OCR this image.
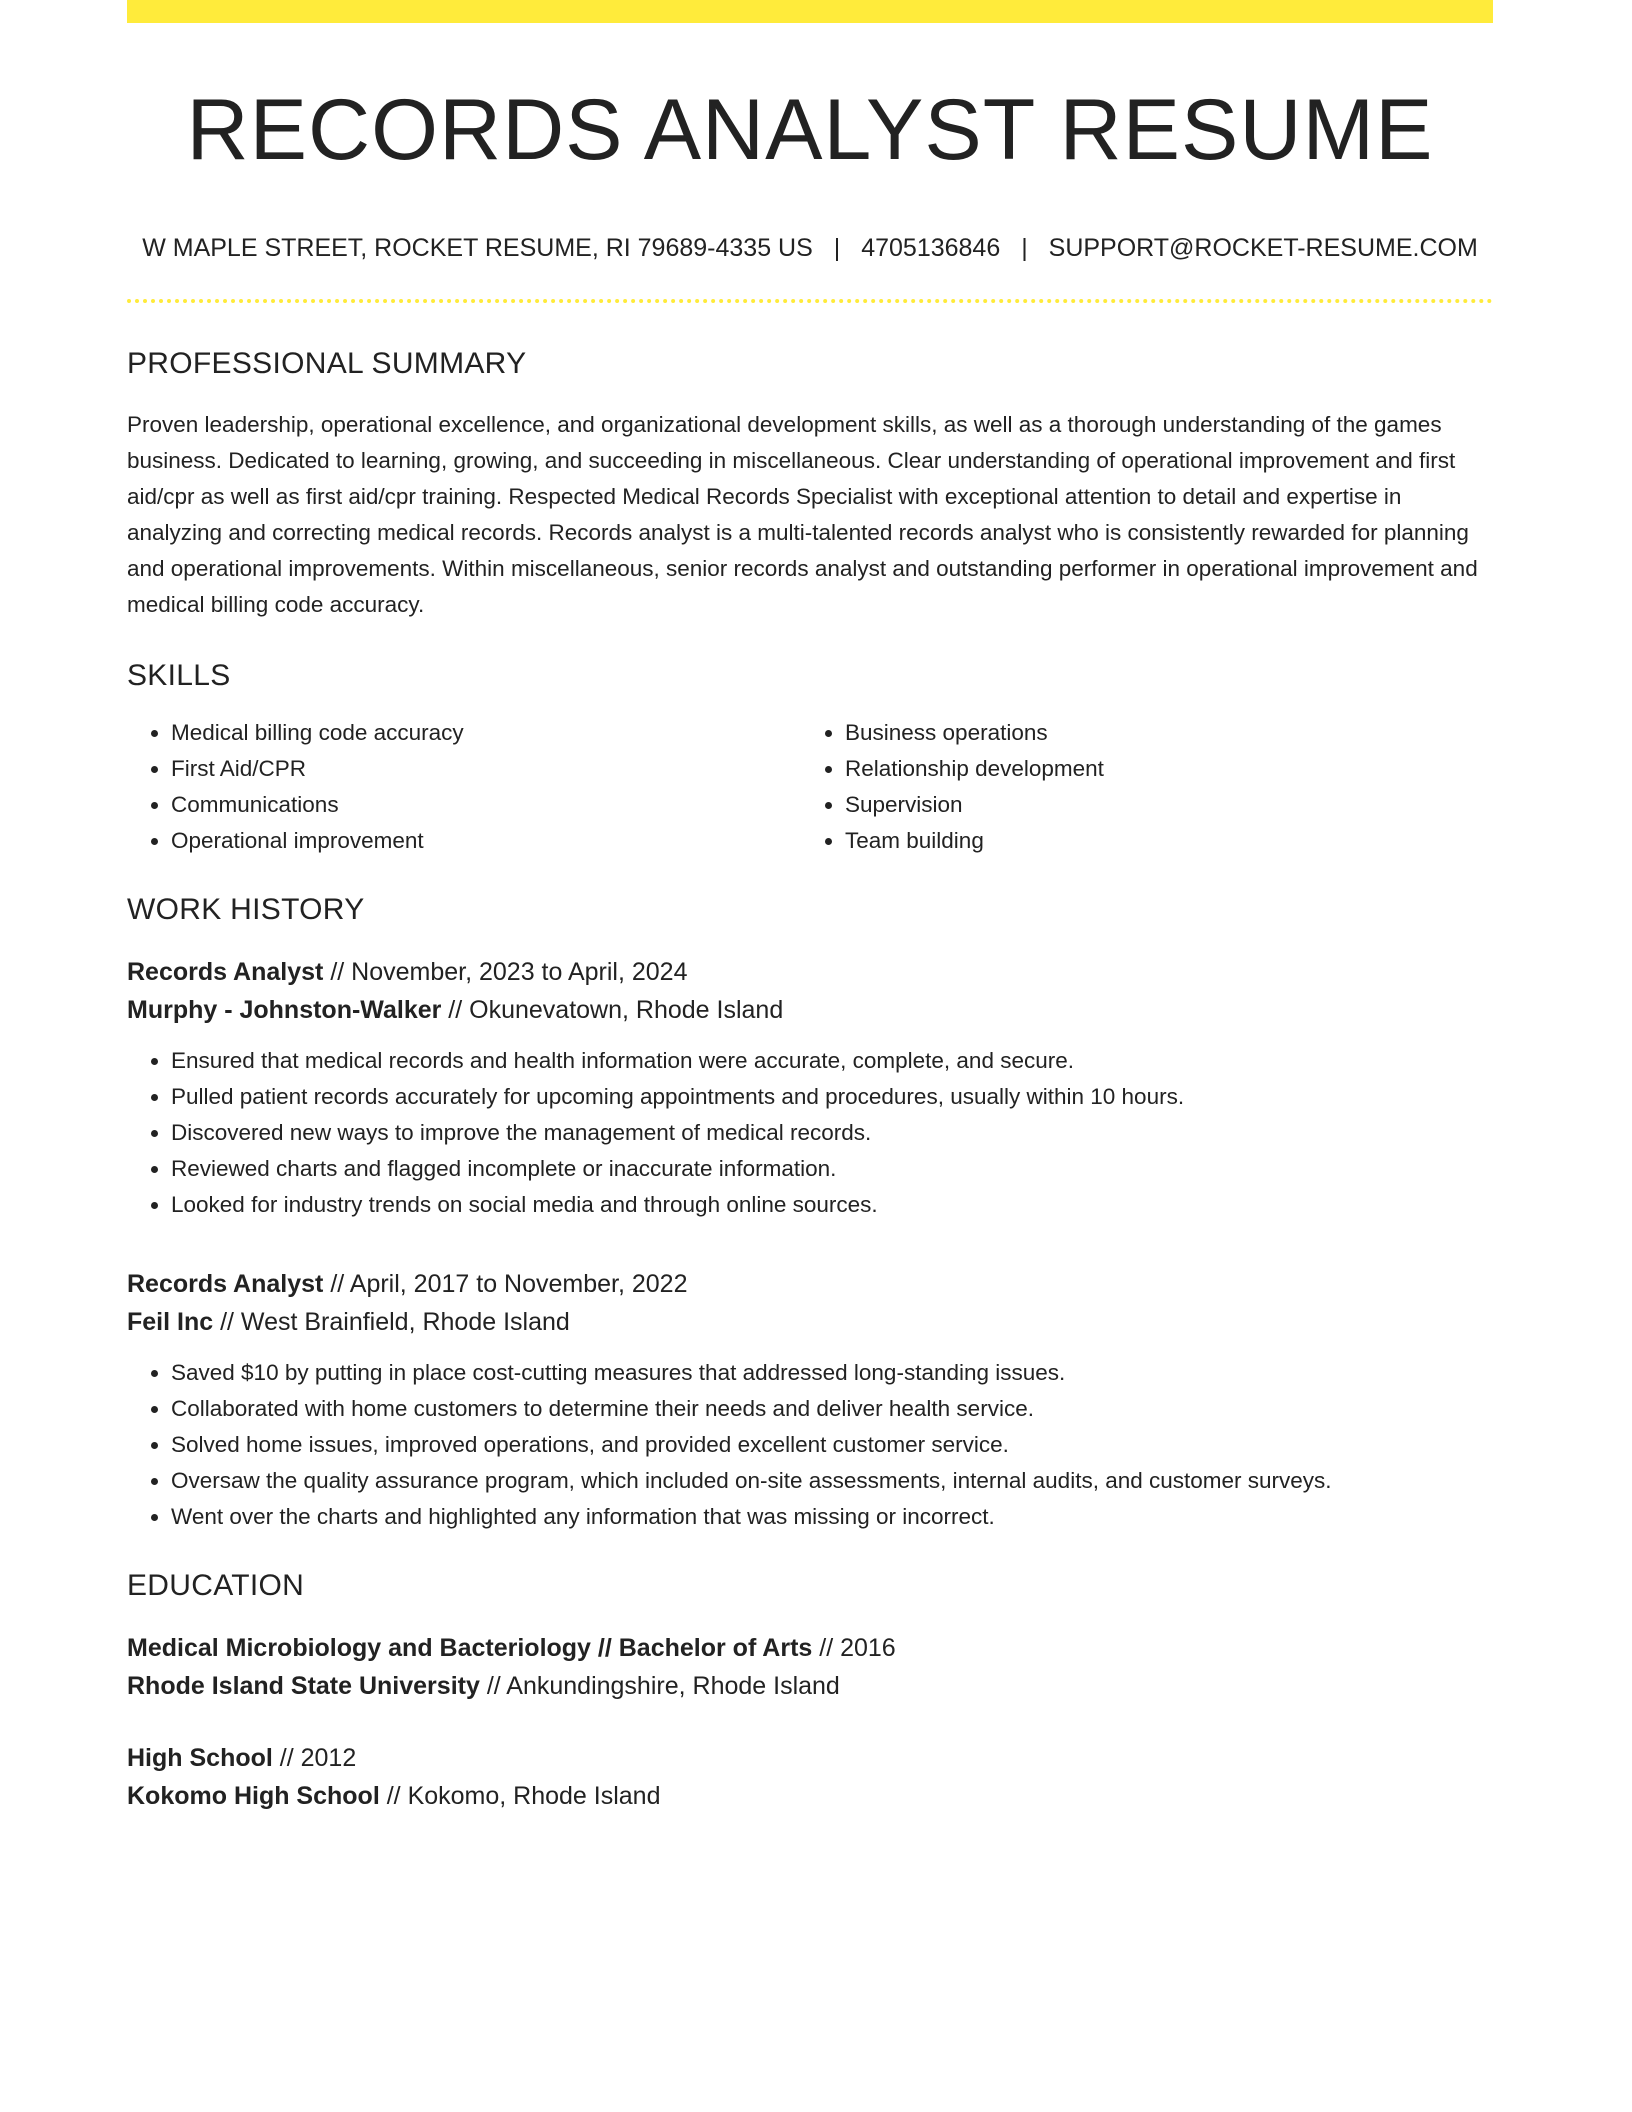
RECORDS ANALYST RESUME
W MAPLE STREET, ROCKET RESUME, RI 79689-4335 US | 4705136846 | SUPPORT@ROCKET-RESUME.COM
PROFESSIONAL SUMMARY

Proven leadership, operational excellence, and organizational development skills, as well as a thorough understanding of the games business. Dedicated to learning, growing, and succeeding in miscellaneous. Clear understanding of operational improvement and first aid/cpr as well as first aid/cpr training. Respected Medical Records Specialist with exceptional attention to detail and expertise in analyzing and correcting medical records. Records analyst is a multi-talented records analyst who is consistently rewarded for planning and operational improvements. Within miscellaneous, senior records analyst and outstanding performer in operational improvement and medical billing code accuracy.

SKILLS
• Medical billing code accuracy
• First Aid/CPR
• Communications
• Operational improvement
• Business operations
• Relationship development
• Supervision
• Team building
WORK HISTORY
Records Analyst // November, 2023 to April, 2024
Murphy - Johnston-Walker // Okunevatown, Rhode Island
• Ensured that medical records and health information were accurate, complete, and secure.
• Pulled patient records accurately for upcoming appointments and procedures, usually within 10 hours.
• Discovered new ways to improve the management of medical records.
• Reviewed charts and flagged incomplete or inaccurate information.
• Looked for industry trends on social media and through online sources.
Records Analyst // April, 2017 to November, 2022
Feil Inc // West Brainfield, Rhode Island
• Saved $10 by putting in place cost-cutting measures that addressed long-standing issues.
• Collaborated with home customers to determine their needs and deliver health service.
• Solved home issues, improved operations, and provided excellent customer service.
• Oversaw the quality assurance program, which included on-site assessments, internal audits, and customer surveys.
• Went over the charts and highlighted any information that was missing or incorrect.
EDUCATION
Medical Microbiology and Bacteriology // Bachelor of Arts // 2016
Rhode Island State University // Ankundingshire, Rhode Island
High School // 2012
Kokomo High School // Kokomo, Rhode Island
